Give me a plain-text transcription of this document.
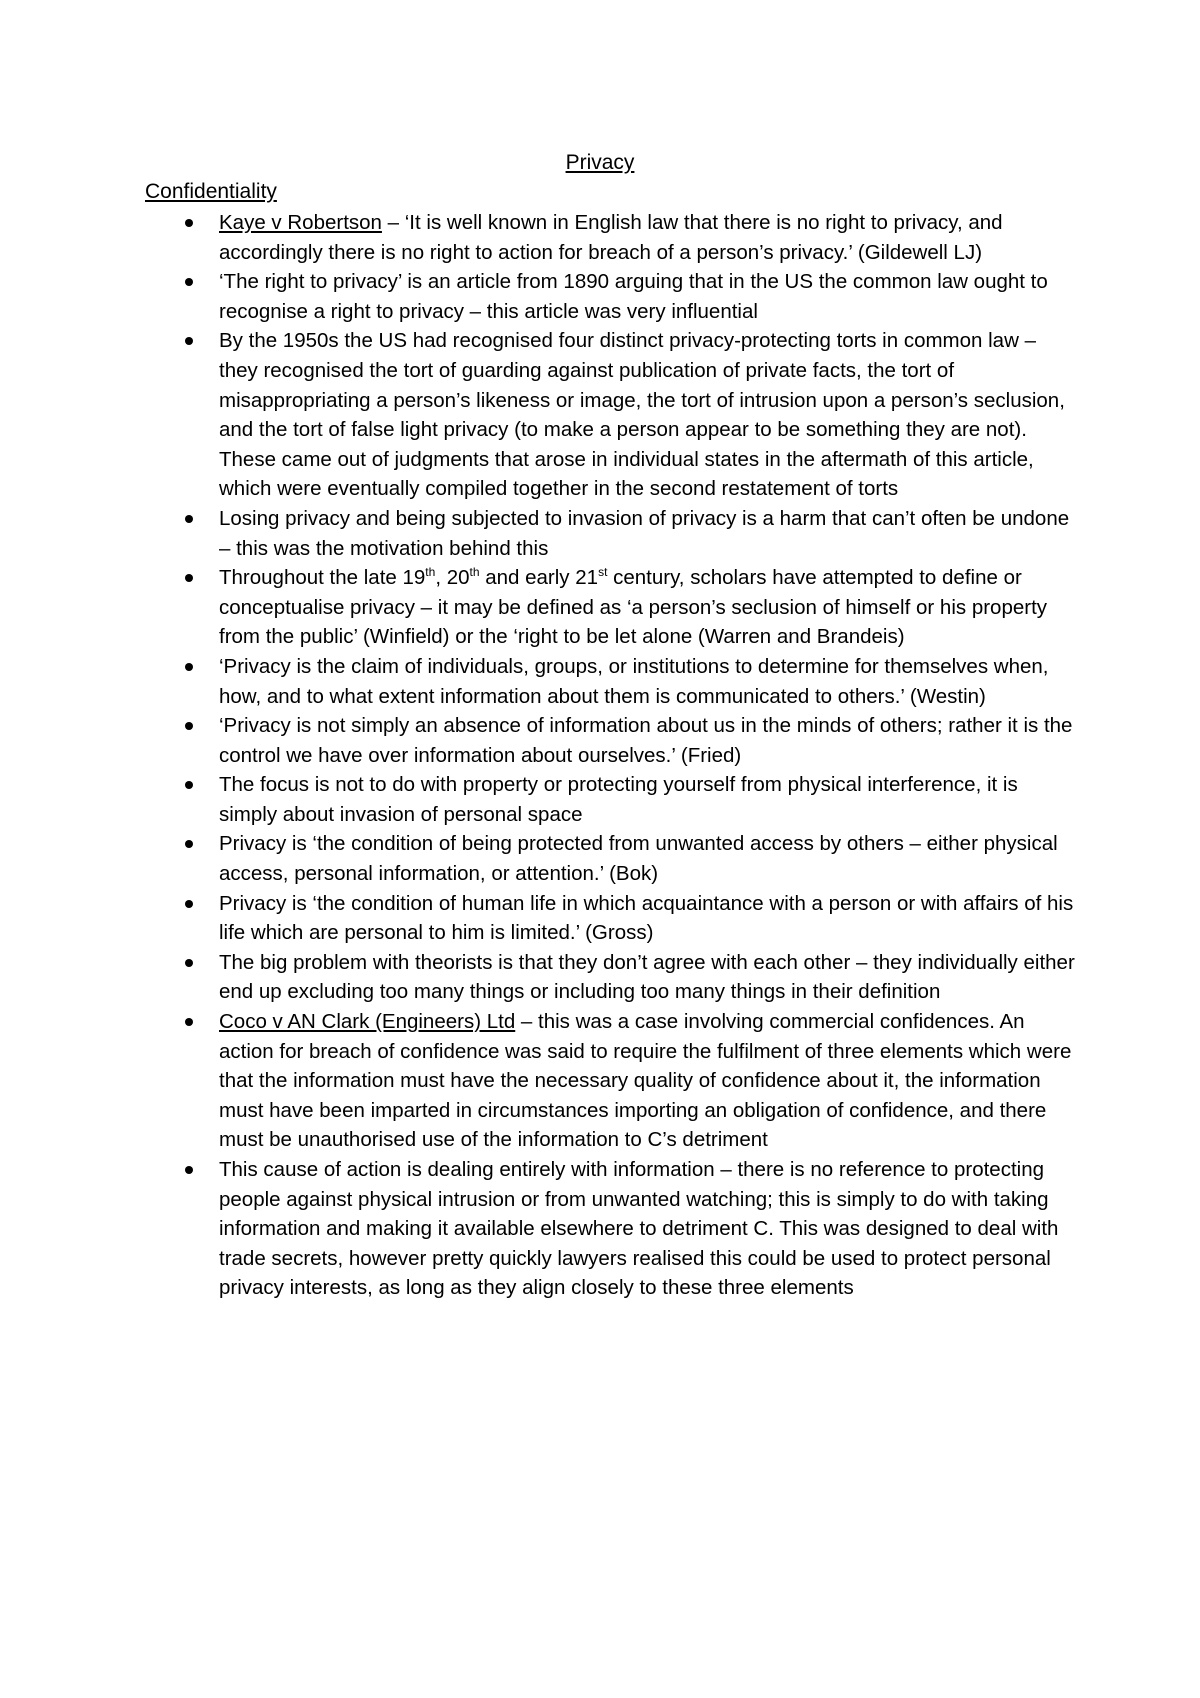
Privacy
Confidentiality
Kaye v Robertson – ‘It is well known in English law that there is no right to privacy, and accordingly there is no right to action for breach of a person’s privacy.’ (Gildewell LJ)
‘The right to privacy’ is an article from 1890 arguing that in the US the common law ought to recognise a right to privacy – this article was very influential
By the 1950s the US had recognised four distinct privacy-protecting torts in common law – they recognised the tort of guarding against publication of private facts, the tort of misappropriating a person’s likeness or image, the tort of intrusion upon a person’s seclusion, and the tort of false light privacy (to make a person appear to be something they are not). These came out of judgments that arose in individual states in the aftermath of this article, which were eventually compiled together in the second restatement of torts
Losing privacy and being subjected to invasion of privacy is a harm that can’t often be undone – this was the motivation behind this
Throughout the late 19th, 20th and early 21st century, scholars have attempted to define or conceptualise privacy – it may be defined as ‘a person’s seclusion of himself or his property from the public’ (Winfield) or the ‘right to be let alone (Warren and Brandeis)
‘Privacy is the claim of individuals, groups, or institutions to determine for themselves when, how, and to what extent information about them is communicated to others.’ (Westin)
‘Privacy is not simply an absence of information about us in the minds of others; rather it is the control we have over information about ourselves.’ (Fried)
The focus is not to do with property or protecting yourself from physical interference, it is simply about invasion of personal space
Privacy is ‘the condition of being protected from unwanted access by others – either physical access, personal information, or attention.’ (Bok)
Privacy is ‘the condition of human life in which acquaintance with a person or with affairs of his life which are personal to him is limited.’ (Gross)
The big problem with theorists is that they don’t agree with each other – they individually either end up excluding too many things or including too many things in their definition
Coco v AN Clark (Engineers) Ltd – this was a case involving commercial confidences. An action for breach of confidence was said to require the fulfilment of three elements which were that the information must have the necessary quality of confidence about it, the information must have been imparted in circumstances importing an obligation of confidence, and there must be unauthorised use of the information to C’s detriment
This cause of action is dealing entirely with information – there is no reference to protecting people against physical intrusion or from unwanted watching; this is simply to do with taking information and making it available elsewhere to detriment C. This was designed to deal with trade secrets, however pretty quickly lawyers realised this could be used to protect personal privacy interests, as long as they align closely to these three elements
